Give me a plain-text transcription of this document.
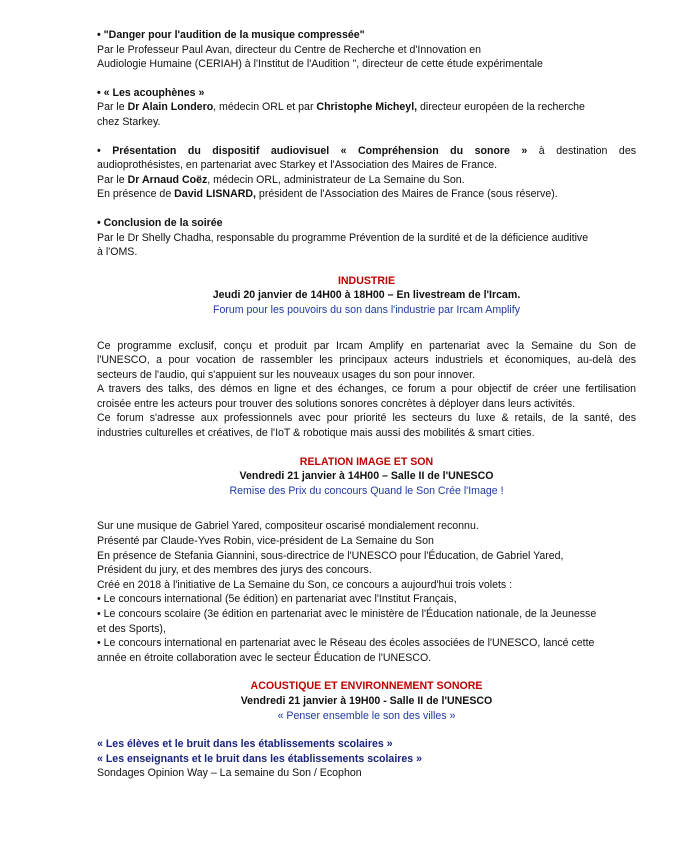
• "Danger pour l'audition de la musique compressée"

Par le Professeur Paul Avan, directeur du Centre de Recherche et d'Innovation en

Audiologie Humaine (CERIAH) à l'Institut de l'Audition ", directeur de cette étude expérimentale

• « Les acouphènes »

Par le Dr Alain Londero, médecin ORL et par Christophe Micheyl, directeur européen de la recherche

chez Starkey.

• Présentation du dispositif audiovisuel « Compréhension du sonore » à destination des

audioprothésistes, en partenariat avec Starkey et l'Association des Maires de France.

Par le Dr Arnaud Coëz, médecin ORL, administrateur de La Semaine du Son.

En présence de David LISNARD, président de l'Association des Maires de France (sous réserve).

• Conclusion de la soirée

Par le Dr Shelly Chadha, responsable du programme Prévention de la surdité et de la déficience auditive

à l'OMS.

INDUSTRIE

Jeudi 20 janvier de 14H00 à 18H00 – En livestream de l'Ircam.

Forum pour les pouvoirs du son dans l'industrie par Ircam Amplify

Ce programme exclusif, conçu et produit par Ircam Amplify en partenariat avec la Semaine du Son de

l'UNESCO, a pour vocation de rassembler les principaux acteurs industriels et économiques, au-delà des

secteurs de l'audio, qui s'appuient sur les nouveaux usages du son pour innover.

A travers des talks, des démos en ligne et des échanges, ce forum a pour objectif de créer une fertilisation

croisée entre les acteurs pour trouver des solutions sonores concrètes à déployer dans leurs activités.

Ce forum s'adresse aux professionnels avec pour priorité les secteurs du luxe & retails, de la santé, des

industries culturelles et créatives, de l'IoT & robotique mais aussi des mobilités & smart cities.

RELATION IMAGE ET SON

Vendredi 21 janvier à 14H00 – Salle II de l'UNESCO

Remise des Prix du concours Quand le Son Crée l'Image !

Sur une musique de Gabriel Yared, compositeur oscarisé mondialement reconnu.

Présenté par Claude-Yves Robin, vice-président de La Semaine du Son

En présence de Stefania Giannini, sous-directrice de l'UNESCO pour l'Éducation, de Gabriel Yared,

Président du jury, et des membres des jurys des concours.

Créé en 2018 à l'initiative de La Semaine du Son, ce concours a aujourd'hui trois volets :

• Le concours international (5e édition) en partenariat avec l'Institut Français,

• Le concours scolaire (3e édition en partenariat avec le ministère de l'Éducation nationale, de la Jeunesse

et des Sports),

• Le concours international en partenariat avec le Réseau des écoles associées de l'UNESCO, lancé cette

année en étroite collaboration avec le secteur Éducation de l'UNESCO.

ACOUSTIQUE ET ENVIRONNEMENT SONORE

Vendredi 21 janvier à 19H00 - Salle II de l'UNESCO

« Penser ensemble le son des villes »

« Les élèves et le bruit dans les établissements scolaires »

« Les enseignants et le bruit dans les établissements scolaires »

Sondages Opinion Way – La semaine du Son / Ecophon
